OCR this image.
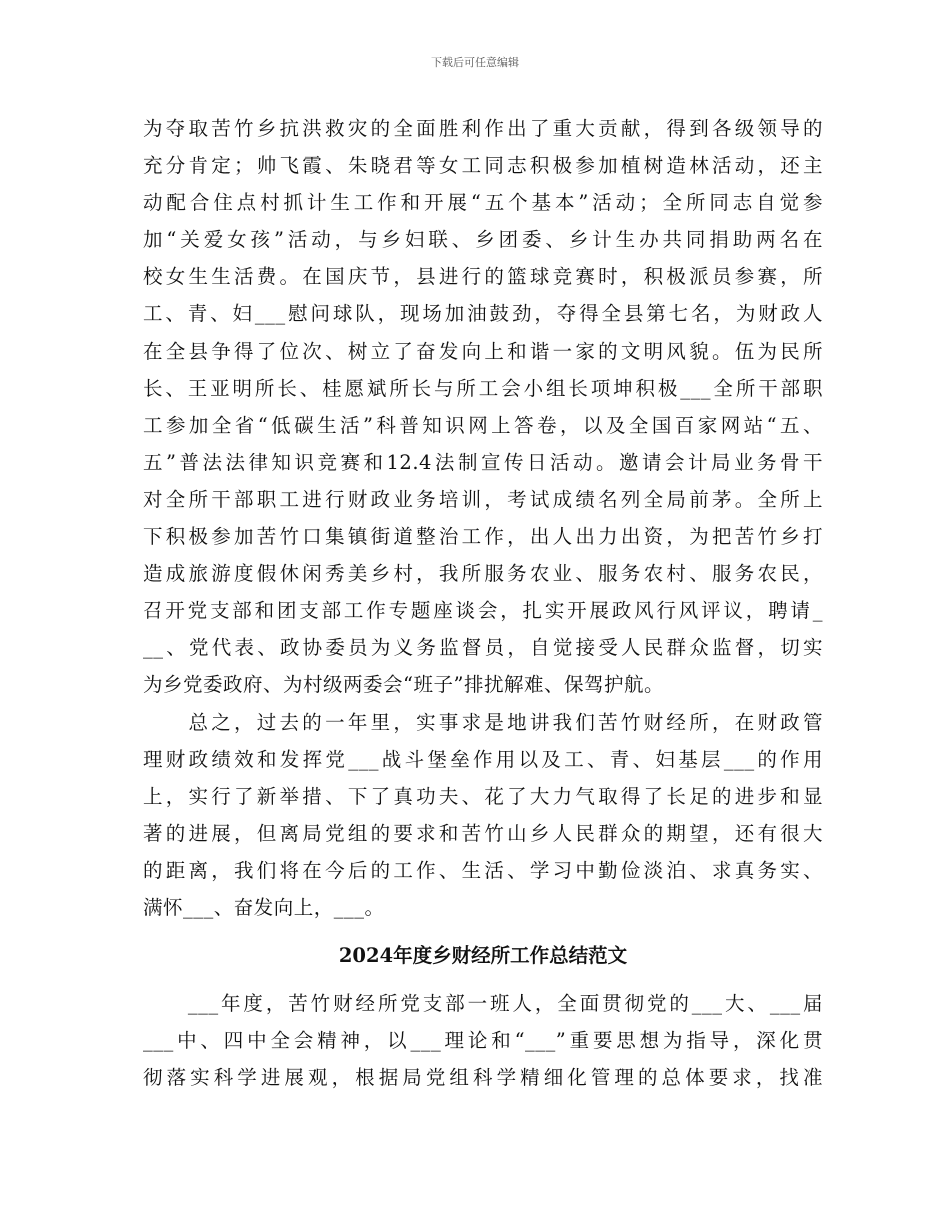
下载后可任意编辑
为夺取苦竹乡抗洪救灾的全面胜利作出了重大贡献，得到各级领导的
充分肯定；帅飞霞、朱晓君等女工同志积极参加植树造林活动，还主
动配合住点村抓计生工作和开展“五个基本”活动；全所同志自觉参
加“关爱女孩”活动，与乡妇联、乡团委、乡计生办共同捐助两名在
校女生生活费。在国庆节，县进行的篮球竞赛时，积极派员参赛，所
工、青、妇___慰问球队，现场加油鼓劲，夺得全县第七名，为财政人
在全县争得了位次、树立了奋发向上和谐一家的文明风貌。伍为民所
长、王亚明所长、桂愿斌所长与所工会小组长项坤积极___全所干部职
工参加全省“低碳生活”科普知识网上答卷，以及全国百家网站“五、
五”普法法律知识竞赛和12.4法制宣传日活动。邀请会计局业务骨干
对全所干部职工进行财政业务培训，考试成绩名列全局前茅。全所上
下积极参加苦竹口集镇街道整治工作，出人出力出资，为把苦竹乡打
造成旅游度假休闲秀美乡村，我所服务农业、服务农村、服务农民，
召开党支部和团支部工作专题座谈会，扎实开展政风行风评议，聘请_
__、党代表、政协委员为义务监督员，自觉接受人民群众监督，切实
为乡党委政府、为村级两委会“班子”排扰解难、保驾护航。
　　总之，过去的一年里，实事求是地讲我们苦竹财经所，在财政管
理财政绩效和发挥党___战斗堡垒作用以及工、青、妇基层___的作用
上，实行了新举措、下了真功夫、花了大力气取得了长足的进步和显
著的进展，但离局党组的要求和苦竹山乡人民群众的期望，还有很大
的距离，我们将在今后的工作、生活、学习中勤俭淡泊、求真务实、
满怀___、奋发向上，___。
2024年度乡财经所工作总结范文
　　___年度，苦竹财经所党支部一班人，全面贯彻党的___大、___届
___中、四中全会精神，以___理论和“___”重要思想为指导，深化贯
彻落实科学进展观，根据局党组科学精细化管理的总体要求，找准
